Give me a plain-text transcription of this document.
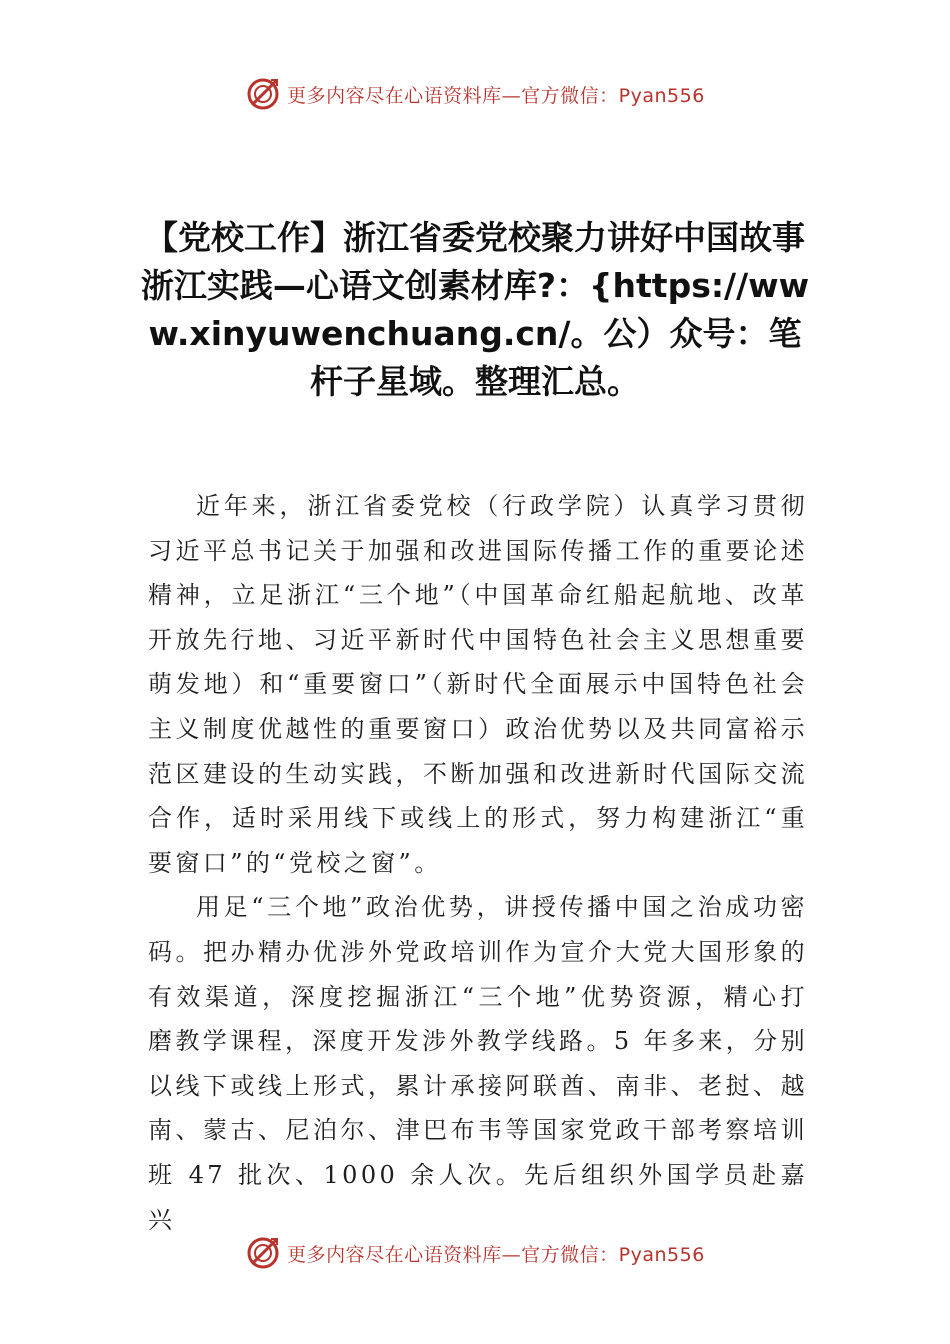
更多内容尽在心语资料库—官方微信：Pyan556
【党校工作】浙江省委党校聚力讲好中国故事浙江实践—心语文创素材库?：{https://www.xinyuwenchuang.cn/。公）众号：笔杆子星域。整理汇总。

近年来，浙江省委党校（行政学院）认真学习贯彻习近平总书记关于加强和改进国际传播工作的重要论述精神，立足浙江“三个地”（中国革命红船起航地、改革开放先行地、习近平新时代中国特色社会主义思想重要萌发地）和“重要窗口”（新时代全面展示中国特色社会主义制度优越性的重要窗口）政治优势以及共同富裕示范区建设的生动实践，不断加强和改进新时代国际交流合作，适时采用线下或线上的形式，努力构建浙江“重要窗口”的“党校之窗”。

用足“三个地”政治优势，讲授传播中国之治成功密码。把办精办优涉外党政培训作为宣介大党大国形象的有效渠道，深度挖掘浙江“三个地”优势资源，精心打磨教学课程，深度开发涉外教学线路。5 年多来，分别以线下或线上形式，累计承接阿联酋、南非、老挝、越南、蒙古、尼泊尔、津巴布韦等国家党政干部考察培训班 47 批次、1000 余人次。先后组织外国学员赴嘉兴

更多内容尽在心语资料库—官方微信：Pyan556
